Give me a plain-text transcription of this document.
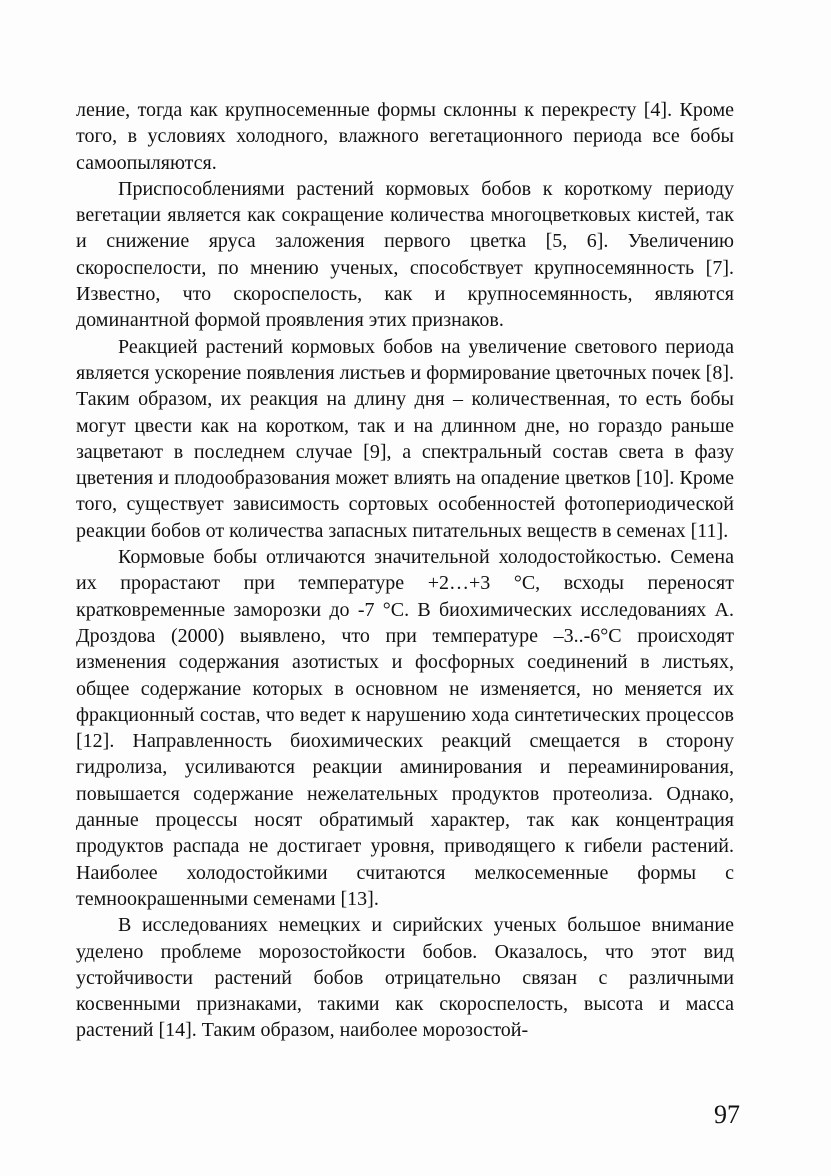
ление, тогда как крупносеменные формы склонны к перекресту [4]. Кроме того, в условиях холодного, влажного вегетационного периода все бобы самоопыляются.

Приспособлениями растений кормовых бобов к короткому периоду вегетации является как сокращение количества многоцветковых кистей, так и снижение яруса заложения первого цветка [5, 6]. Увеличению скороспелости, по мнению ученых, способствует крупносемянность [7]. Известно, что скороспелость, как и крупносемянность, являются доминантной формой проявления этих признаков.

Реакцией растений кормовых бобов на увеличение светового периода является ускорение появления листьев и формирование цветочных почек [8]. Таким образом, их реакция на длину дня – количественная, то есть бобы могут цвести как на коротком, так и на длинном дне, но гораздо раньше зацветают в последнем случае [9], а спектральный состав света в фазу цветения и плодообразования может влиять на опадение цветков [10]. Кроме того, существует зависимость сортовых особенностей фотопериодической реакции бобов от количества запасных питательных веществ в семенах [11].

Кормовые бобы отличаются значительной холодостойкостью. Семена их прорастают при температуре +2…+3 °С, всходы переносят кратковременные заморозки до -7 °С. В биохимических исследованиях А. Дроздова (2000) выявлено, что при температуре –3..-6°С происходят изменения содержания азотистых и фосфорных соединений в листьях, общее содержание которых в основном не изменяется, но меняется их фракционный состав, что ведет к нарушению хода синтетических процессов [12]. Направленность биохимических реакций смещается в сторону гидролиза, усиливаются реакции аминирования и переаминирования, повышается содержание нежелательных продуктов протеолиза. Однако, данные процессы носят обратимый характер, так как концентрация продуктов распада не достигает уровня, приводящего к гибели растений. Наиболее холодостойкими считаются мелкосеменные формы с темноокрашенными семенами [13].

В исследованиях немецких и сирийских ученых большое внимание уделено проблеме морозостойкости бобов. Оказалось, что этот вид устойчивости растений бобов отрицательно связан с различными косвенными признаками, такими как скороспелость, высота и масса растений [14]. Таким образом, наиболее морозостой-

97
